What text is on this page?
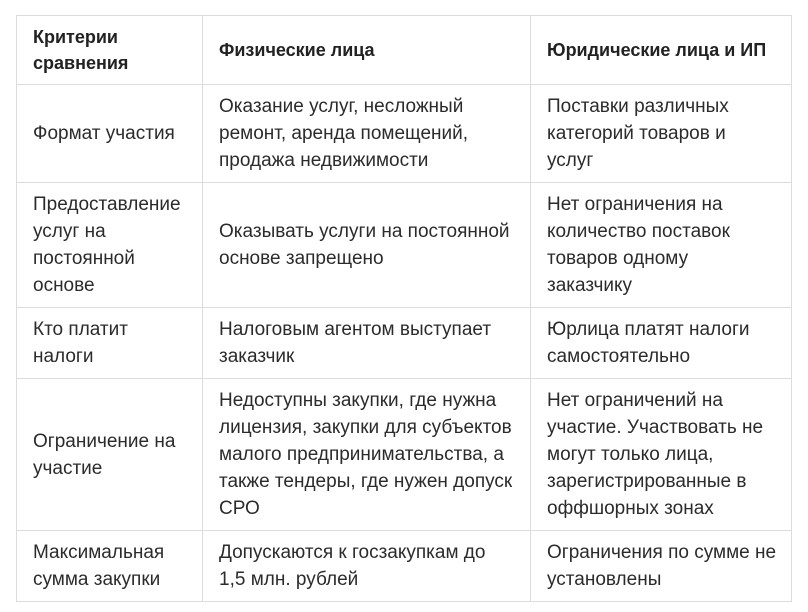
Критерии сравнения	Физические лица	Юридические лица и ИП
Формат участия	Оказание услуг, несложный ремонт, аренда помещений, продажа недвижимости	Поставки различных категорий товаров и услуг
Предоставление услуг на постоянной основе	Оказывать услуги на постоянной основе запрещено	Нет ограничения на количество поставок товаров одному заказчику
Кто платит налоги	Налоговым агентом выступает заказчик	Юрлица платят налоги самостоятельно
Ограничение на участие	Недоступны закупки, где нужна лицензия, закупки для субъектов малого предпринимательства, а также тендеры, где нужен допуск СРО	Нет ограничений на участие. Участвовать не могут только лица, зарегистрированные в оффшорных зонах
Максимальная сумма закупки	Допускаются к госзакупкам до 1,5 млн. рублей	Ограничения по сумме не установлены
